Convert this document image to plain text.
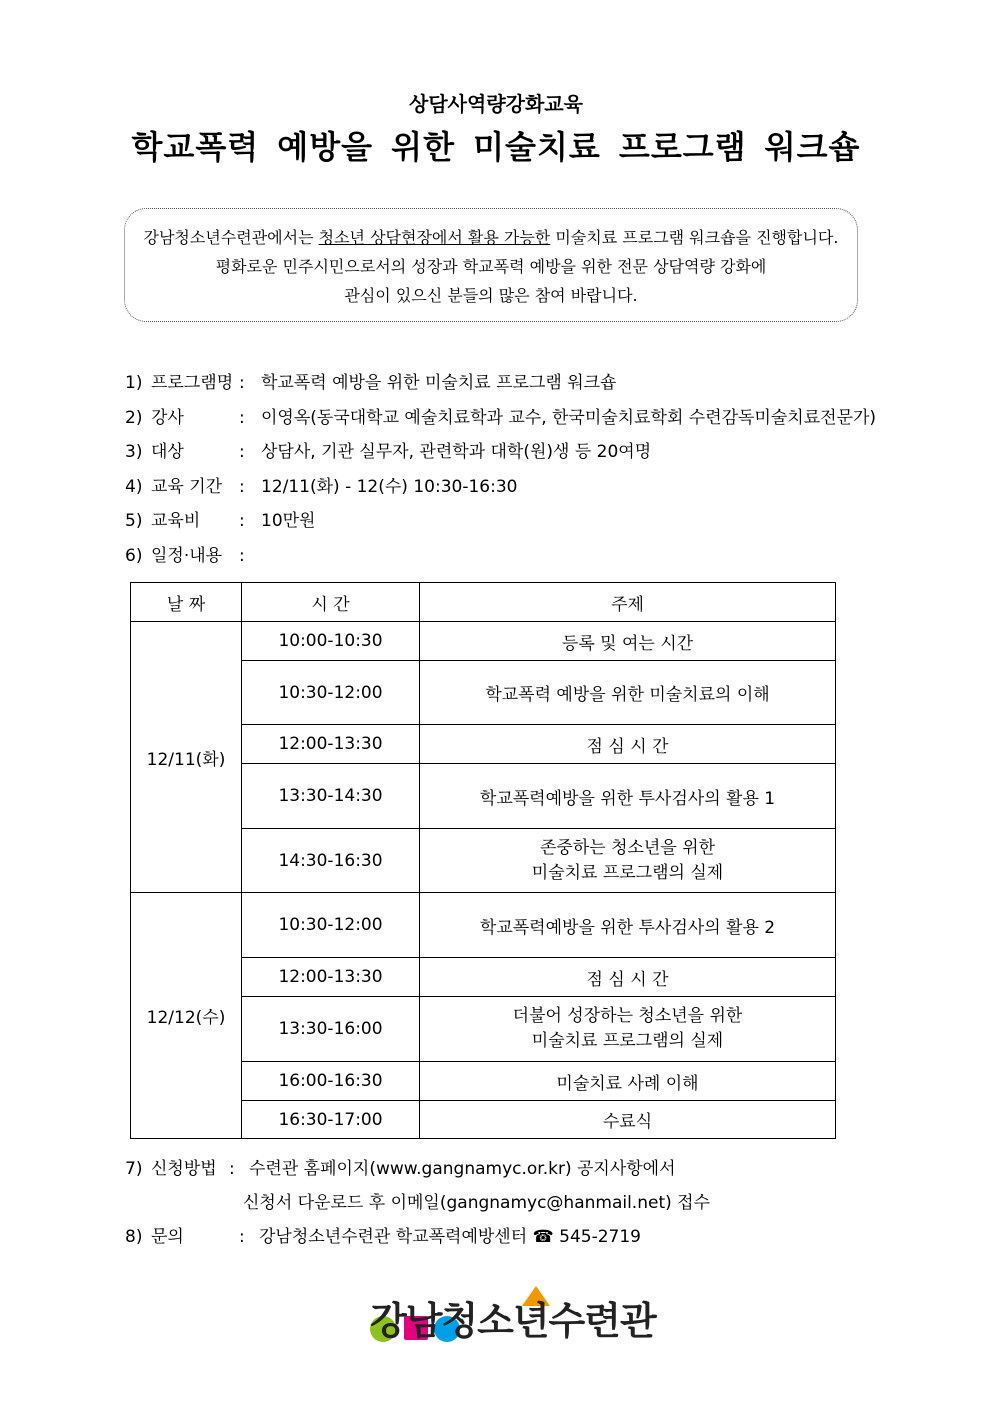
상담사역량강화교육
학교폭력 예방을 위한 미술치료 프로그램 워크숍
강남청소년수련관에서는 청소년 상담현장에서 활용 가능한 미술치료 프로그램 워크숍을 진행합니다.
평화로운 민주시민으로서의 성장과 학교폭력 예방을 위한 전문 상담역량 강화에
관심이 있으신 분들의 많은 참여 바랍니다.
1) 프로그램명 : 학교폭력 예방을 위한 미술치료 프로그램 워크숍
2) 강사	: 이영옥(동국대학교 예술치료학과 교수, 한국미술치료학회 수련감독미술치료전문가)
3) 대상	: 상담사, 기관 실무자, 관련학과 대학(원)생 등 20여명
4) 교육 기간 : 12/11(화) - 12(수) 10:30-16:30
5) 교육비 : 10만원
6) 일정·내용 :
날 짜	시 간	주제
12/11(화)	10:00-10:30	등록 및 여는 시간
	10:30-12:00	학교폭력 예방을 위한 미술치료의 이해
	12:00-13:30	점 심 시 간
	13:30-14:30	학교폭력예방을 위한 투사검사의 활용 1
	14:30-16:30	존중하는 청소년을 위한
미술치료 프로그램의 실제

12/12(수)	10:30-12:00	학교폭력예방을 위한 투사검사의 활용 2
	12:00-13:30	점 심 시 간
	13:30-16:00	더불어 성장하는 청소년을 위한
미술치료 프로그램의 실제

	16:00-16:30	미술치료 사례 이해
	16:30-17:00	수료식
7) 신청방법 : 수련관 홈페이지(www.gangnamyc.or.kr) 공지사항에서
신청서 다운로드 후 이메일(gangnamyc@hanmail.net) 접수
8) 문의	: 강남청소년수련관 학교폭력예방센터 ☎ 545-2719
강남청소년수련관
